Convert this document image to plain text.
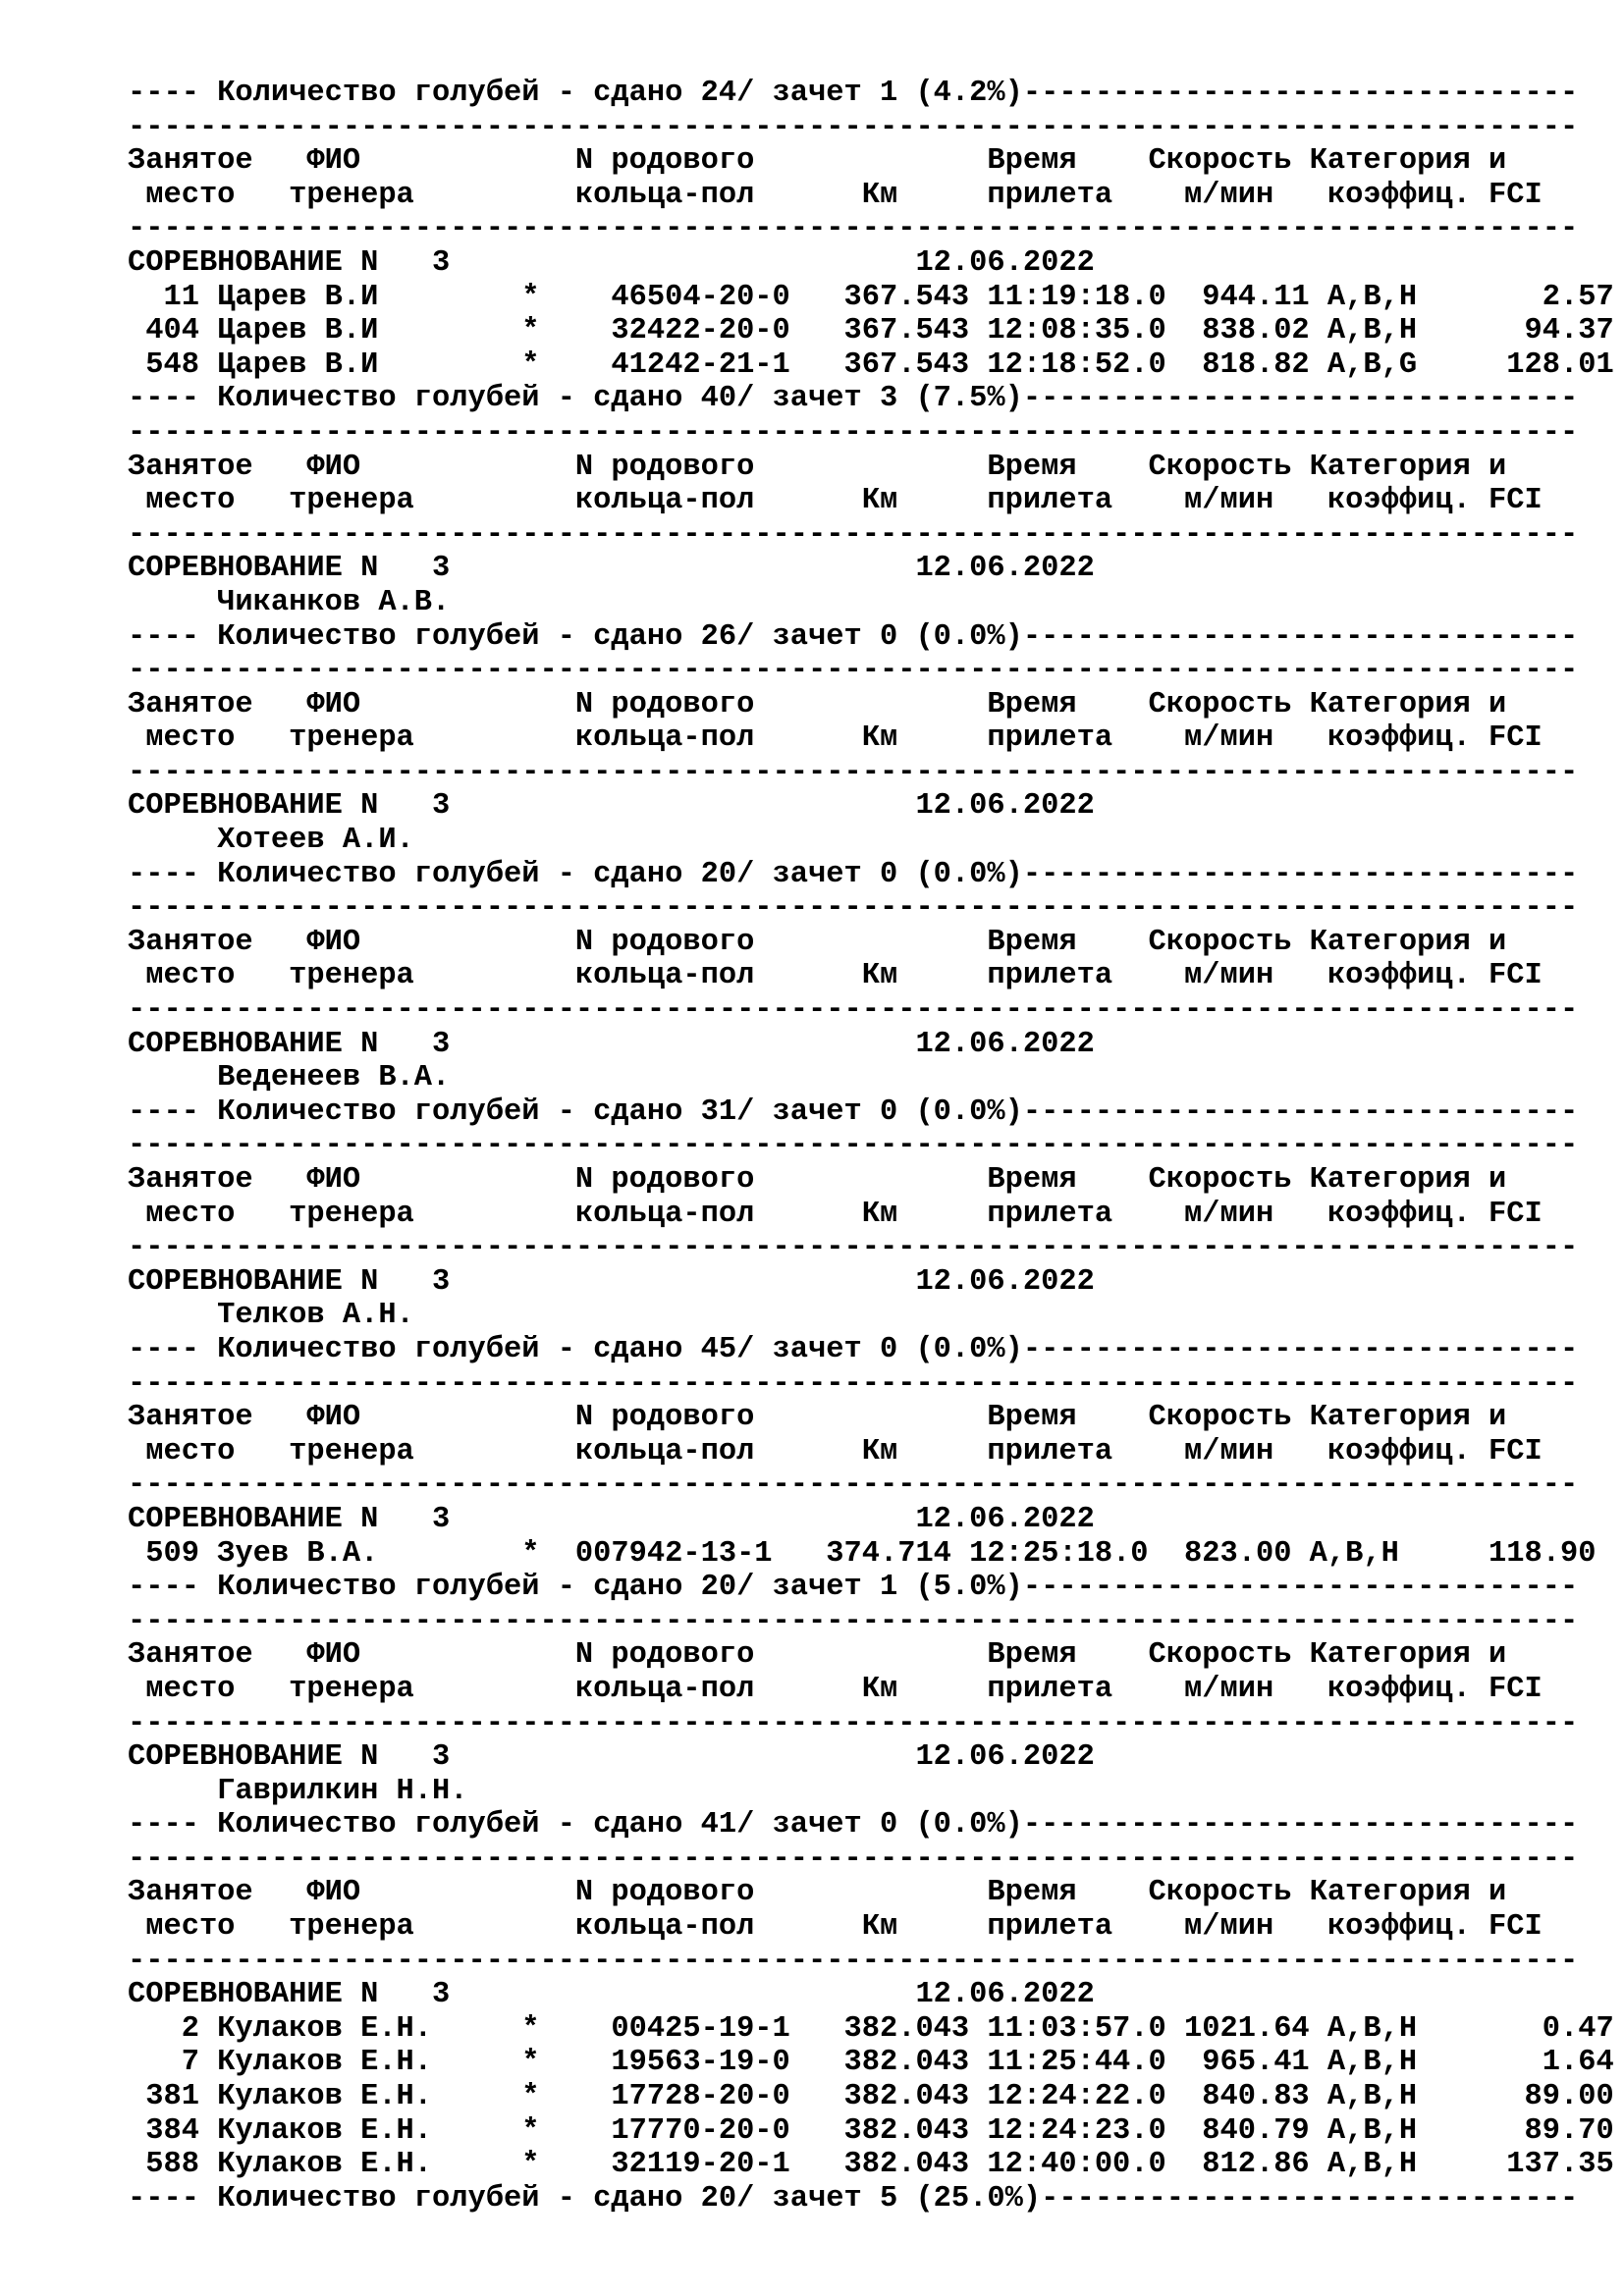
---- Количество голубей - сдано 24/ зачет 1 (4.2%)-------------------------------
---------------------------------------------------------------------------------
Занятое   ФИО            N родового             Время    Скорость Категория и
место   тренера         кольца-пол      Км     прилета    м/мин   коэффиц. FCI
---------------------------------------------------------------------------------
СОРЕВНОВАНИЕ N   3                          12.06.2022
11 Царев В.И        *    46504-20-0   367.543 11:19:18.0  944.11 A,B,H       2.57
404 Царев В.И        *    32422-20-0   367.543 12:08:35.0  838.02 A,B,H      94.37
548 Царев В.И        *    41242-21-1   367.543 12:18:52.0  818.82 A,B,G     128.01
---- Количество голубей - сдано 40/ зачет 3 (7.5%)-------------------------------
---------------------------------------------------------------------------------
Занятое   ФИО            N родового             Время    Скорость Категория и
место   тренера         кольца-пол      Км     прилета    м/мин   коэффиц. FCI
---------------------------------------------------------------------------------
СОРЕВНОВАНИЕ N   3                          12.06.2022
Чиканков А.В.
---- Количество голубей - сдано 26/ зачет 0 (0.0%)-------------------------------
---------------------------------------------------------------------------------
Занятое   ФИО            N родового             Время    Скорость Категория и
место   тренера         кольца-пол      Км     прилета    м/мин   коэффиц. FCI
---------------------------------------------------------------------------------
СОРЕВНОВАНИЕ N   3                          12.06.2022
Хотеев А.И.
---- Количество голубей - сдано 20/ зачет 0 (0.0%)-------------------------------
---------------------------------------------------------------------------------
Занятое   ФИО            N родового             Время    Скорость Категория и
место   тренера         кольца-пол      Км     прилета    м/мин   коэффиц. FCI
---------------------------------------------------------------------------------
СОРЕВНОВАНИЕ N   3                          12.06.2022
Веденеев В.А.
---- Количество голубей - сдано 31/ зачет 0 (0.0%)-------------------------------
---------------------------------------------------------------------------------
Занятое   ФИО            N родового             Время    Скорость Категория и
место   тренера         кольца-пол      Км     прилета    м/мин   коэффиц. FCI
---------------------------------------------------------------------------------
СОРЕВНОВАНИЕ N   3                          12.06.2022
Телков А.Н.
---- Количество голубей - сдано 45/ зачет 0 (0.0%)-------------------------------
---------------------------------------------------------------------------------
Занятое   ФИО            N родового             Время    Скорость Категория и
место   тренера         кольца-пол      Км     прилета    м/мин   коэффиц. FCI
---------------------------------------------------------------------------------
СОРЕВНОВАНИЕ N   3                          12.06.2022
509 Зуев В.А.        *  007942-13-1   374.714 12:25:18.0  823.00 A,B,H     118.90
---- Количество голубей - сдано 20/ зачет 1 (5.0%)-------------------------------
---------------------------------------------------------------------------------
Занятое   ФИО            N родового             Время    Скорость Категория и
место   тренера         кольца-пол      Км     прилета    м/мин   коэффиц. FCI
---------------------------------------------------------------------------------
СОРЕВНОВАНИЕ N   3                          12.06.2022
Гаврилкин Н.Н.
---- Количество голубей - сдано 41/ зачет 0 (0.0%)-------------------------------
---------------------------------------------------------------------------------
Занятое   ФИО            N родового             Время    Скорость Категория и
место   тренера         кольца-пол      Км     прилета    м/мин   коэффиц. FCI
---------------------------------------------------------------------------------
СОРЕВНОВАНИЕ N   3                          12.06.2022
2 Кулаков Е.Н.     *    00425-19-1   382.043 11:03:57.0 1021.64 A,B,H       0.47
7 Кулаков Е.Н.     *    19563-19-0   382.043 11:25:44.0  965.41 A,B,H       1.64
381 Кулаков Е.Н.     *    17728-20-0   382.043 12:24:22.0  840.83 A,B,H      89.00
384 Кулаков Е.Н.     *    17770-20-0   382.043 12:24:23.0  840.79 A,B,H      89.70
588 Кулаков Е.Н.     *    32119-20-1   382.043 12:40:00.0  812.86 A,B,H     137.35
---- Количество голубей - сдано 20/ зачет 5 (25.0%)------------------------------
